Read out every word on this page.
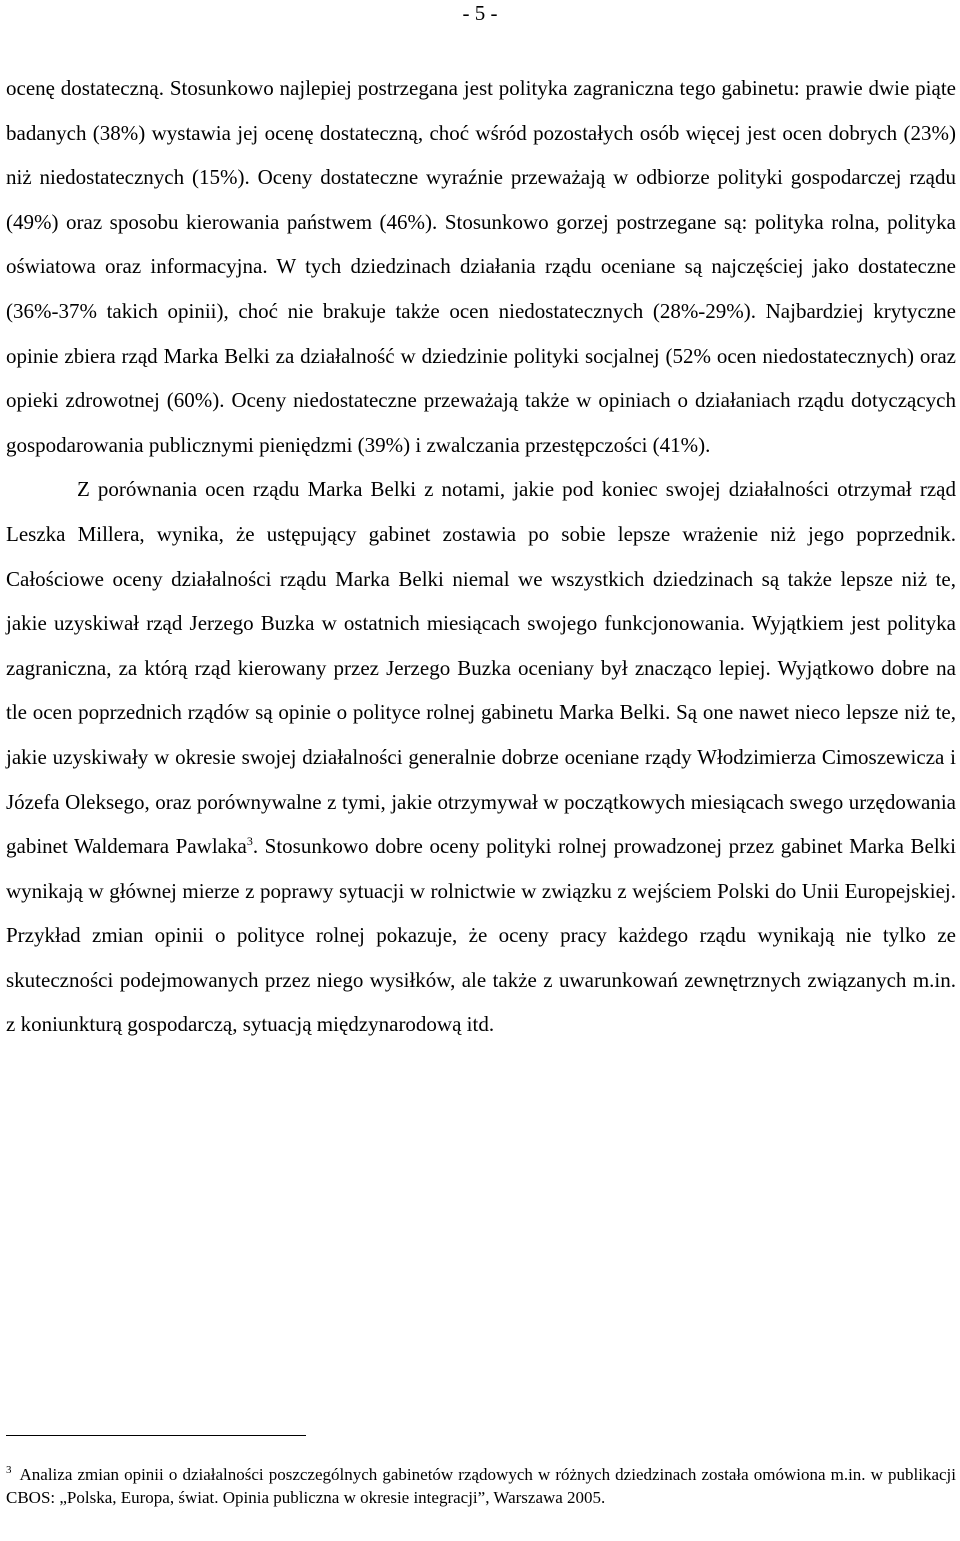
- 5 -

ocenę dostateczną. Stosunkowo najlepiej postrzegana jest polityka zagraniczna tego gabinetu: prawie dwie piąte badanych (38%) wystawia jej ocenę dostateczną, choć wśród pozostałych osób więcej jest ocen dobrych (23%) niż niedostatecznych (15%). Oceny dostateczne wyraźnie przeważają w odbiorze polityki gospodarczej rządu (49%) oraz sposobu kierowania państwem (46%). Stosunkowo gorzej postrzegane są: polityka rolna, polityka oświatowa oraz informacyjna. W tych dziedzinach działania rządu oceniane są najczęściej jako dostateczne (36%-37% takich opinii), choć nie brakuje także ocen niedostatecznych (28%-29%). Najbardziej krytyczne opinie zbiera rząd Marka Belki za działalność w dziedzinie polityki socjalnej (52% ocen niedostatecznych) oraz opieki zdrowotnej (60%). Oceny niedostateczne przeważają także w opiniach o działaniach rządu dotyczących gospodarowania publicznymi pieniędzmi (39%) i zwalczania przestępczości (41%).

Z porównania ocen rządu Marka Belki z notami, jakie pod koniec swojej działalności otrzymał rząd Leszka Millera, wynika, że ustępujący gabinet zostawia po sobie lepsze wrażenie niż jego poprzednik. Całościowe oceny działalności rządu Marka Belki niemal we wszystkich dziedzinach są także lepsze niż te, jakie uzyskiwał rząd Jerzego Buzka w ostatnich miesiącach swojego funkcjonowania. Wyjątkiem jest polityka zagraniczna, za którą rząd kierowany przez Jerzego Buzka oceniany był znacząco lepiej. Wyjątkowo dobre na tle ocen poprzednich rządów są opinie o polityce rolnej gabinetu Marka Belki. Są one nawet nieco lepsze niż te, jakie uzyskiwały w okresie swojej działalności generalnie dobrze oceniane rządy Włodzimierza Cimoszewicza i Józefa Oleksego, oraz porównywalne z tymi, jakie otrzymywał w początkowych miesiącach swego urzędowania gabinet Waldemara Pawlaka$^3$. Stosunkowo dobre oceny polityki rolnej prowadzonej przez gabinet Marka Belki wynikają w głównej mierze z poprawy sytuacji w rolnictwie w związku z wejściem Polski do Unii Europejskiej. Przykład zmian opinii o polityce rolnej pokazuje, że oceny pracy każdego rządu wynikają nie tylko ze skuteczności podejmowanych przez niego wysiłków, ale także z uwarunkowań zewnętrznych związanych m.in. z koniunkturą gospodarczą, sytuacją międzynarodową itd.

$^3$ Analiza zmian opinii o działalności poszczególnych gabinetów rządowych w różnych dziedzinach została omówiona m.in. w publikacji CBOS: „Polska, Europa, świat. Opinia publiczna w okresie integracji”, Warszawa 2005.
